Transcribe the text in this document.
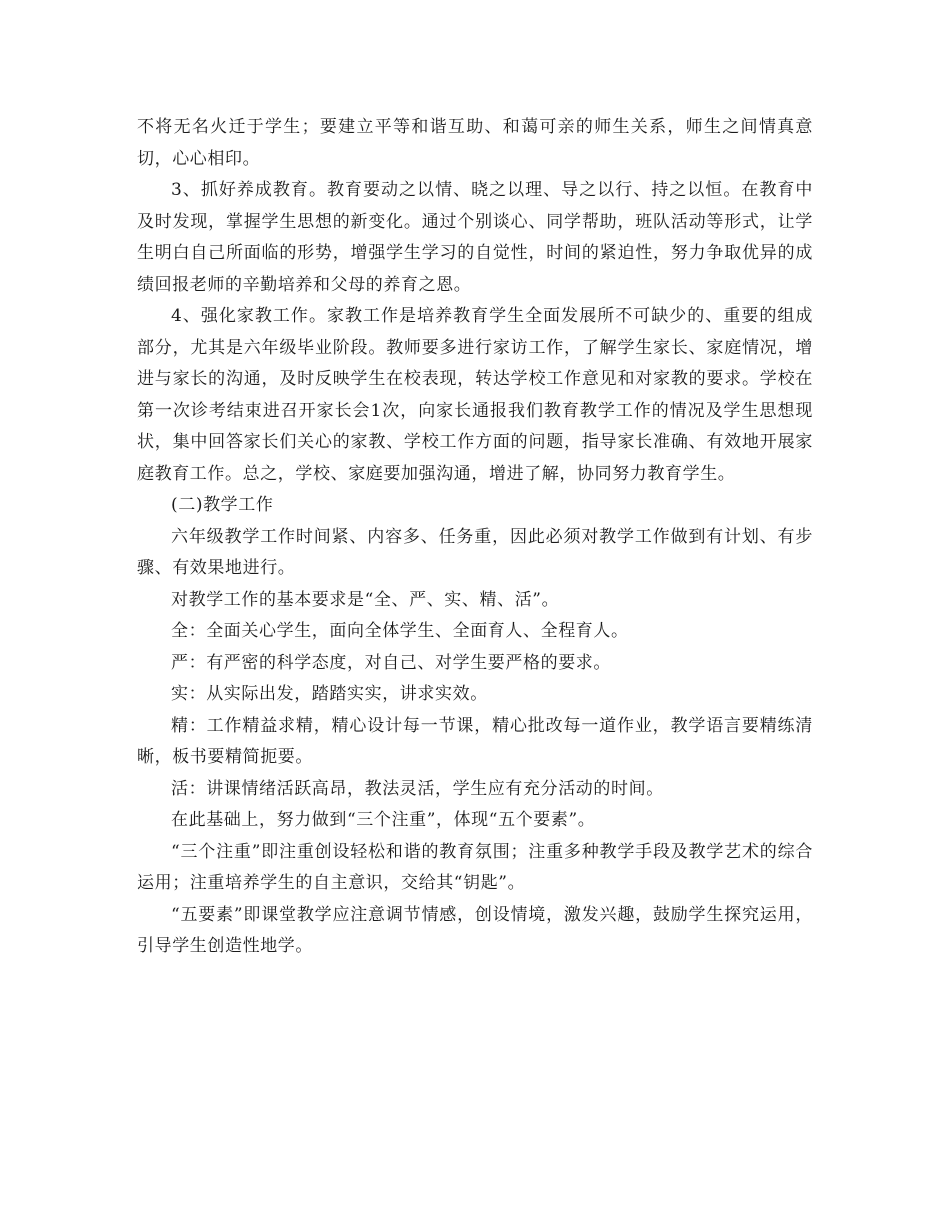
不将无名火迁于学生；要建立平等和谐互助、和蔼可亲的师生关系，师生之间情真意切，心心相印。

3、抓好养成教育。教育要动之以情、晓之以理、导之以行、持之以恒。在教育中及时发现，掌握学生思想的新变化。通过个别谈心、同学帮助，班队活动等形式，让学生明白自己所面临的形势，增强学生学习的自觉性，时间的紧迫性，努力争取优异的成绩回报老师的辛勤培养和父母的养育之恩。

4、强化家教工作。家教工作是培养教育学生全面发展所不可缺少的、重要的组成部分，尤其是六年级毕业阶段。教师要多进行家访工作，了解学生家长、家庭情况，增进与家长的沟通，及时反映学生在校表现，转达学校工作意见和对家教的要求。学校在第一次诊考结束进召开家长会1次，向家长通报我们教育教学工作的情况及学生思想现状，集中回答家长们关心的家教、学校工作方面的问题，指导家长准确、有效地开展家庭教育工作。总之，学校、家庭要加强沟通，增进了解，协同努力教育学生。

(二)教学工作

六年级教学工作时间紧、内容多、任务重，因此必须对教学工作做到有计划、有步骤、有效果地进行。

对教学工作的基本要求是“全、严、实、精、活”。

全：全面关心学生，面向全体学生、全面育人、全程育人。

严：有严密的科学态度，对自己、对学生要严格的要求。

实：从实际出发，踏踏实实，讲求实效。

精：工作精益求精，精心设计每一节课，精心批改每一道作业，教学语言要精练清晰，板书要精简扼要。

活：讲课情绪活跃高昂，教法灵活，学生应有充分活动的时间。

在此基础上，努力做到“三个注重”，体现“五个要素”。

“三个注重”即注重创设轻松和谐的教育氛围；注重多种教学手段及教学艺术的综合运用；注重培养学生的自主意识，交给其“钥匙”。

“五要素”即课堂教学应注意调节情感，创设情境，激发兴趣，鼓励学生探究运用，引导学生创造性地学。
